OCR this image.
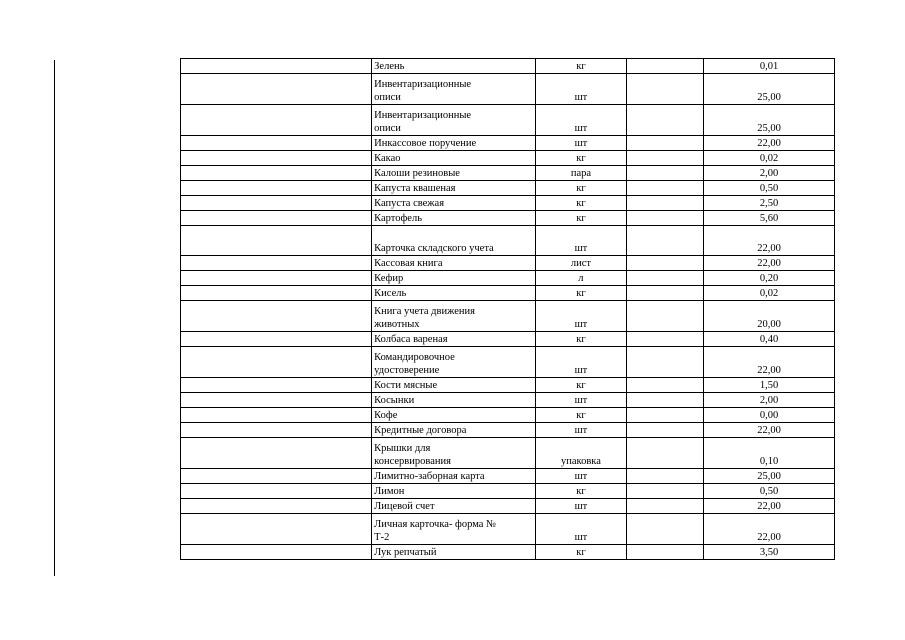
	Зелень	кг		0,01

	Инвентаризационные
описи	шт		25,00

	Инвентаризационные
описи	шт		25,00

	Инкассовое поручение	шт		22,00

	Какао	кг		0,02

	Калоши резиновые	пара		2,00

	Капуста квашеная	кг		0,50

	Капуста свежая	кг		2,50

	Картофель	кг		5,60

	Карточка складского учета	шт		22,00

	Кассовая книга	лист		22,00

	Кефир	л		0,20

	Кисель	кг		0,02

	Книга учета движения
животных	шт		20,00

	Колбаса вареная	кг		0,40

	Командировочное
удостоверение	шт		22,00

	Кости мясные	кг		1,50

	Косынки	шт		2,00

	Кофе	кг		0,00

	Кредитные договора	шт		22,00

	Крышки для
консервирования	упаковка		0,10

	Лимитно-заборная карта	шт		25,00

	Лимон	кг		0,50

	Лицевой счет	шт		22,00

	Личная карточка- форма №
Т-2	шт		22,00

	Лук репчатый	кг		3,50
